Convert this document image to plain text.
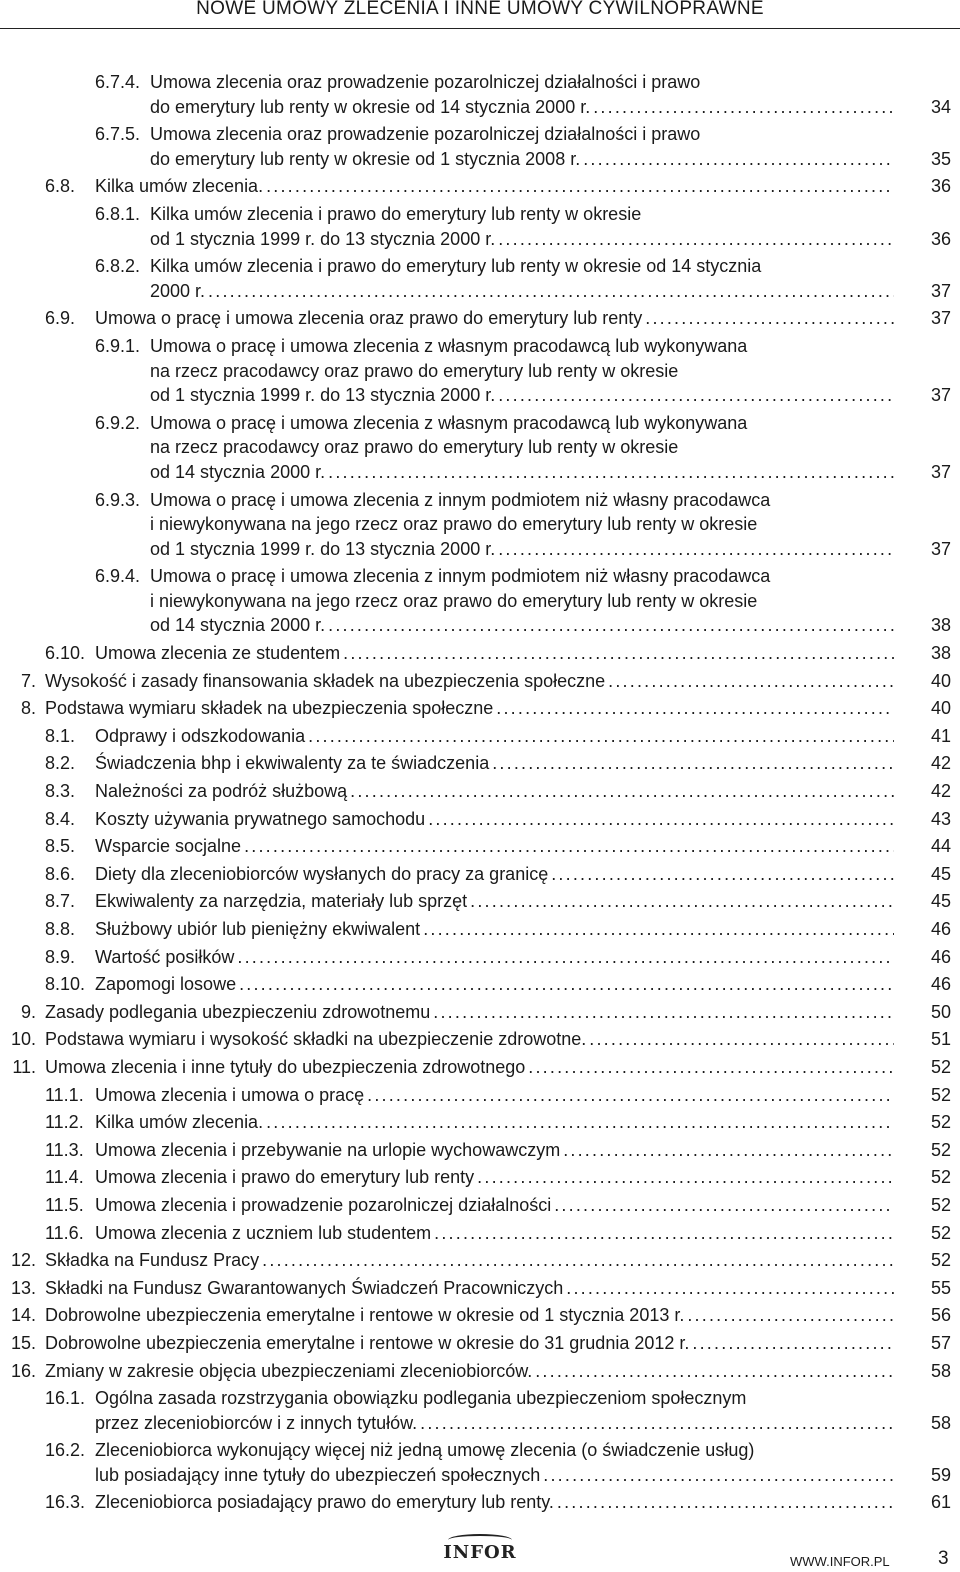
NOWE UMOWY ZLECENIA I INNE UMOWY CYWILNOPRAWNE
6.7.4. Umowa zlecenia oraz prowadzenie pozarolniczej działalności i prawo
do emerytury lub renty w okresie od 14 stycznia 2000 r. . . .	34
6.7.5. Umowa zlecenia oraz prowadzenie pozarolniczej działalności i prawo
do emerytury lub renty w okresie od 1 stycznia 2008 r. . . .	35
6.8.	Kilka umów zlecenia. . . .	36
6.8.1. Kilka umów zlecenia i prawo do emerytury lub renty w okresie
od 1 stycznia 1999 r. do 13 stycznia 2000 r. . . .	36
6.8.2. Kilka umów zlecenia i prawo do emerytury lub renty w okresie od 14 stycznia
2000 r. . . .	37
6.9.	Umowa o pracę i umowa zlecenia oraz prawo do emerytury lub renty . . .	37
6.9.1. Umowa o pracę i umowa zlecenia z własnym pracodawcą lub wykonywana
na rzecz pracodawcy oraz prawo do emerytury lub renty w okresie
od 1 stycznia 1999 r. do 13 stycznia 2000 r. . . .	37
6.9.2. Umowa o pracę i umowa zlecenia z własnym pracodawcą lub wykonywana
na rzecz pracodawcy oraz prawo do emerytury lub renty w okresie
od 14 stycznia 2000 r. . . .	37
6.9.3. Umowa o pracę i umowa zlecenia z innym podmiotem niż własny pracodawca
i niewykonywana na jego rzecz oraz prawo do emerytury lub renty w okresie
od 1 stycznia 1999 r. do 13 stycznia 2000 r. . . .	37
6.9.4. Umowa o pracę i umowa zlecenia z innym podmiotem niż własny pracodawca
i niewykonywana na jego rzecz oraz prawo do emerytury lub renty w okresie
od 14 stycznia 2000 r. . . .	38
6.10. Umowa zlecenia ze studentem . . .	38
7. Wysokość i zasady finansowania składek na ubezpieczenia społeczne . . .	40
8. Podstawa wymiaru składek na ubezpieczenia społeczne . . .	40
8.1.	Odprawy i odszkodowania . . .	41
8.2.	Świadczenia bhp i ekwiwalenty za te świadczenia . . .	42
8.3.	Należności za podróż służbową . . .	42
8.4.	Koszty używania prywatnego samochodu . . .	43
8.5.	Wsparcie socjalne . . .	44
8.6.	Diety dla zleceniobiorców wysłanych do pracy za granicę . . .	45
8.7.	Ekwiwalenty za narzędzia, materiały lub sprzęt . . .	45
8.8.	Służbowy ubiór lub pieniężny ekwiwalent . . .	46
8.9.	Wartość posiłków . . .	46
8.10. Zapomogi losowe . . .	46
9. Zasady podlegania ubezpieczeniu zdrowotnemu . . .	50
10. Podstawa wymiaru i wysokość składki na ubezpieczenie zdrowotne. . . .	51
11. Umowa zlecenia i inne tytuły do ubezpieczenia zdrowotnego . . .	52
11.1. Umowa zlecenia i umowa o pracę . . .	52
11.2. Kilka umów zlecenia. . . .	52
11.3. Umowa zlecenia i przebywanie na urlopie wychowawczym . . .	52
11.4. Umowa zlecenia i prawo do emerytury lub renty . . .	52
11.5. Umowa zlecenia i prowadzenie pozarolniczej działalności . . .	52
11.6. Umowa zlecenia z uczniem lub studentem . . .	52
12. Składka na Fundusz Pracy . . .	52
13. Składki na Fundusz Gwarantowanych Świadczeń Pracowniczych . . .	55
14. Dobrowolne ubezpieczenia emerytalne i rentowe w okresie od 1 stycznia 2013 r. . . .	56
15. Dobrowolne ubezpieczenia emerytalne i rentowe w okresie do 31 grudnia 2012 r. . . .	57
16. Zmiany w zakresie objęcia ubezpieczeniami zleceniobiorców. . . .	58
16.1. Ogólna zasada rozstrzygania obowiązku podlegania ubezpieczeniom społecznym
przez zleceniobiorców i z innych tytułów. . . .	58
16.2. Zleceniobiorca wykonujący więcej niż jedną umowę zlecenia (o świadczenie usług)
lub posiadający inne tytuły do ubezpieczeń społecznych . . .	59
16.3. Zleceniobiorca posiadający prawo do emerytury lub renty. . . .	61
INFOR	WWW.INFOR.PL	3
